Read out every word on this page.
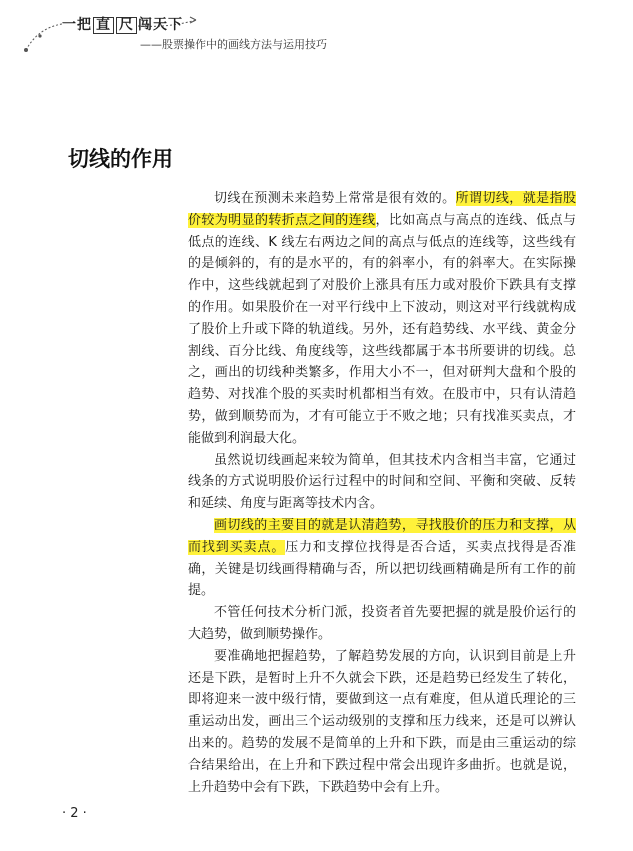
一把 直 尺 闯天下
——股票操作中的画线方法与运用技巧
切线的作用

切线在预测未来趋势上常常是很有效的。所谓切线，就是指股价较为明显的转折点之间的连线，比如高点与高点的连线、低点与低点的连线、K 线左右两边之间的高点与低点的连线等，这些线有的是倾斜的，有的是水平的，有的斜率小，有的斜率大。在实际操作中，这些线就起到了对股价上涨具有压力或对股价下跌具有支撑的作用。如果股价在一对平行线中上下波动，则这对平行线就构成了股价上升或下降的轨道线。另外，还有趋势线、水平线、黄金分割线、百分比线、角度线等，这些线都属于本书所要讲的切线。总之，画出的切线种类繁多，作用大小不一，但对研判大盘和个股的趋势、对找准个股的买卖时机都相当有效。在股市中，只有认清趋势，做到顺势而为，才有可能立于不败之地；只有找准买卖点，才能做到利润最大化。

虽然说切线画起来较为简单，但其技术内含相当丰富，它通过线条的方式说明股价运行过程中的时间和空间、平衡和突破、反转和延续、角度与距离等技术内含。

画切线的主要目的就是认清趋势，寻找股价的压力和支撑，从而找到买卖点。压力和支撑位找得是否合适，买卖点找得是否准确，关键是切线画得精确与否，所以把切线画精确是所有工作的前提。

不管任何技术分析门派，投资者首先要把握的就是股价运行的大趋势，做到顺势操作。

要准确地把握趋势，了解趋势发展的方向，认识到目前是上升还是下跌，是暂时上升不久就会下跌，还是趋势已经发生了转化，即将迎来一波中级行情，要做到这一点有难度，但从道氏理论的三重运动出发，画出三个运动级别的支撑和压力线来，还是可以辨认出来的。趋势的发展不是简单的上升和下跌，而是由三重运动的综合结果给出，在上升和下跌过程中常会出现许多曲折。也就是说，上升趋势中会有下跌，下跌趋势中会有上升。

· 2 ·
